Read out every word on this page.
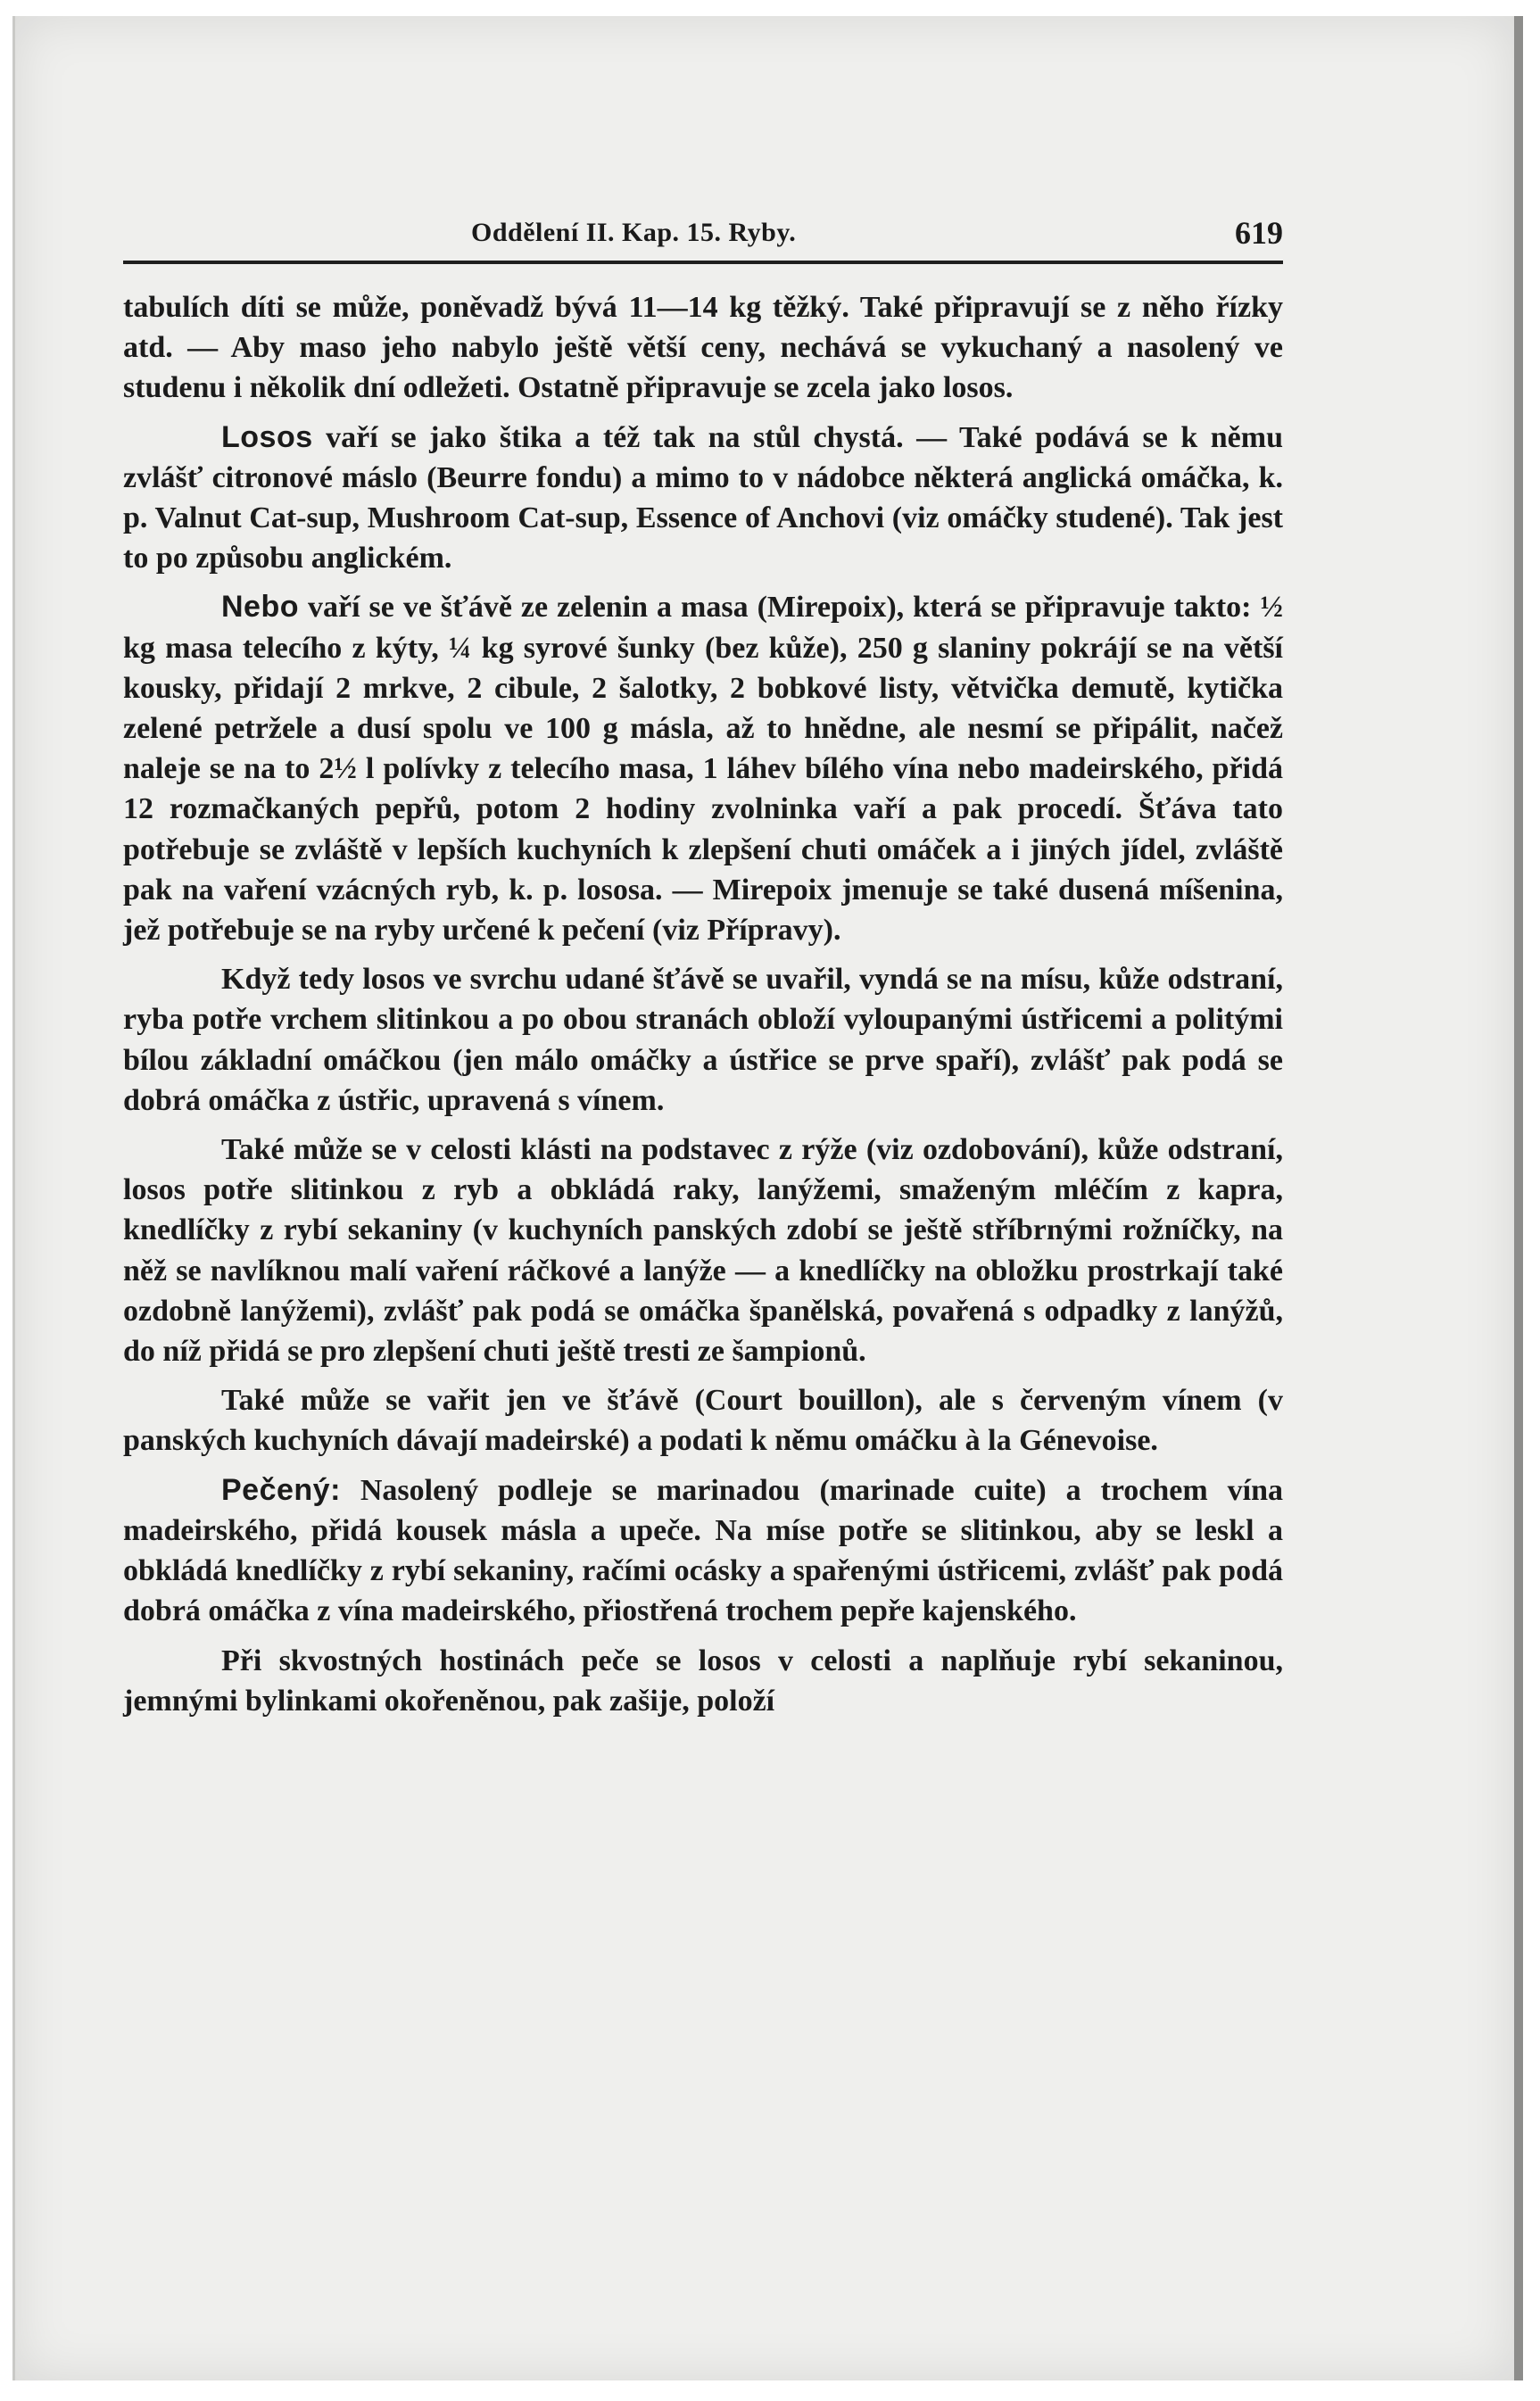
Oddělení II. Kap. 15. Ryby.	619

tabulích díti se může, poněvadž bývá 11—14 kg těžký. Také připravují se z něho řízky atd. — Aby maso jeho nabylo ještě větší ceny, nechává se vykuchaný a nasolený ve studenu i několik dní odležeti. Ostatně připravuje se zcela jako losos.

Losos vaří se jako štika a též tak na stůl chystá. — Také podává se k němu zvlášť citronové máslo (Beurre fondu) a mimo to v nádobce některá anglická omáčka, k. p. Valnut Cat-sup, Mushroom Cat-sup, Essence of Anchovi (viz omáčky studené). Tak jest to po způsobu anglickém.

Nebo vaří se ve šťávě ze zelenin a masa (Mirepoix), která se připravuje takto: ½ kg masa telecího z kýty, ¼ kg syrové šunky (bez kůže), 250 g slaniny pokrájí se na větší kousky, přidají 2 mrkve, 2 cibule, 2 šalotky, 2 bobkové listy, větvička demutě, kytička zelené petržele a dusí spolu ve 100 g másla, až to hnědne, ale nesmí se připálit, načež naleje se na to 2½ l polívky z telecího masa, 1 láhev bílého vína nebo madeirského, přidá 12 rozmačkaných pepřů, potom 2 hodiny zvolninka vaří a pak procedí. Šťáva tato potřebuje se zvláště v lepších kuchyních k zlepšení chuti omáček a i jiných jídel, zvláště pak na vaření vzácných ryb, k. p. lososa. — Mirepoix jmenuje se také dusená míšenina, jež potřebuje se na ryby určené k pečení (viz Přípravy).

Když tedy losos ve svrchu udané šťávě se uvařil, vyndá se na mísu, kůže odstraní, ryba potře vrchem slitinkou a po obou stranách obloží vyloupanými ústřicemi a politými bílou základní omáčkou (jen málo omáčky a ústřice se prve spaří), zvlášť pak podá se dobrá omáčka z ústřic, upravená s vínem.

Také může se v celosti klásti na podstavec z rýže (viz ozdobování), kůže odstraní, losos potře slitinkou z ryb a obkládá raky, lanýžemi, smaženým mléčím z kapra, knedlíčky z rybí sekaniny (v kuchyních panských zdobí se ještě stříbrnými rožníčky, na něž se navlíknou malí vaření ráčkové a lanýže — a knedlíčky na obložku prostrkají také ozdobně lanýžemi), zvlášť pak podá se omáčka španělská, povařená s odpadky z lanýžů, do níž přidá se pro zlepšení chuti ještě tresti ze šampionů.

Také může se vařit jen ve šťávě (Court bouillon), ale s červeným vínem (v panských kuchyních dávají madeirské) a podati k němu omáčku à la Génevoise.

Pečený: Nasolený podleje se marinadou (marinade cuite) a trochem vína madeirského, přidá kousek másla a upeče. Na míse potře se slitinkou, aby se leskl a obkládá knedlíčky z rybí sekaniny, račími ocásky a spařenými ústřicemi, zvlášť pak podá dobrá omáčka z vína madeirského, přiostřená trochem pepře kajenského.

Při skvostných hostinách peče se losos v celosti a naplňuje rybí sekaninou, jemnými bylinkami okořeněnou, pak zašije, položí
